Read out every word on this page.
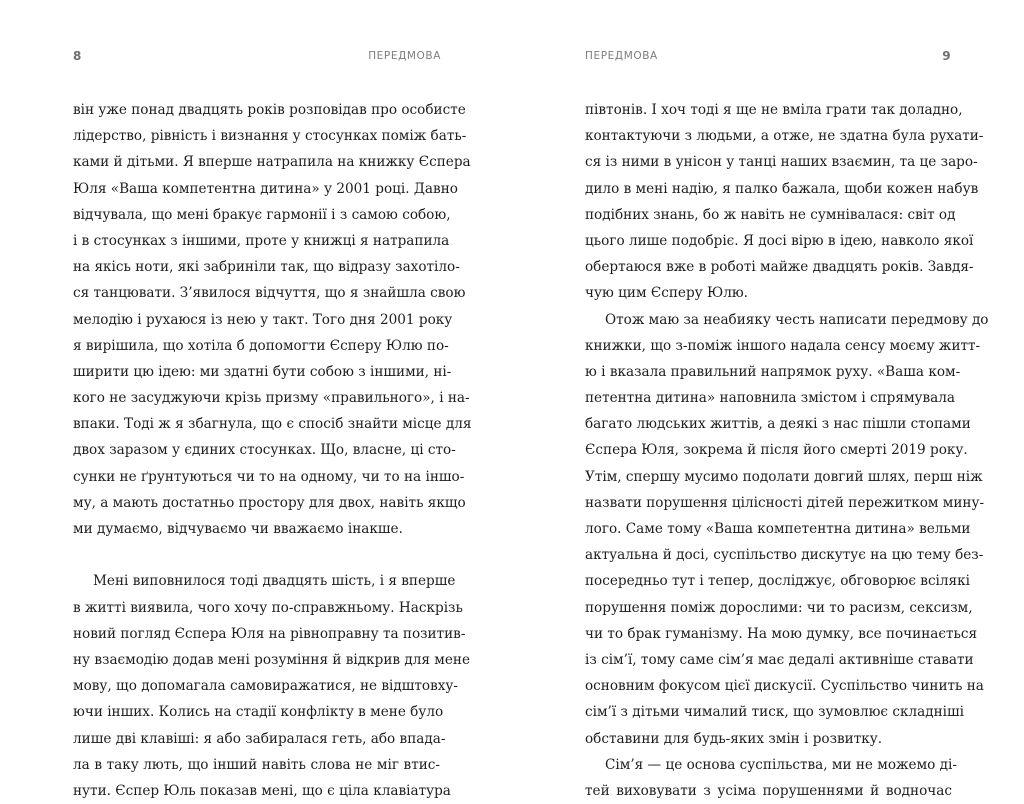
8	ПЕРЕДМОВА
він уже понад двадцять років розповідав про особисте
лідерство, рівність і визнання у стосунках поміж бать-
ками й дітьми. Я вперше натрапила на книжку Єспера
Юля «Ваша компетентна дитина» у 2001 році. Давно
відчувала, що мені бракує гармонії і з самою собою,
і в стосунках з іншими, проте у книжці я натрапила
на якісь ноти, які забриніли так, що відразу захотіло-
ся танцювати. З’явилося відчуття, що я знайшла свою
мелодію і рухаюся із нею у такт. Того дня 2001 року
я вирішила, що хотіла б допомогти Єсперу Юлю по-
ширити цю ідею: ми здатні бути собою з іншими, ні-
кого не засуджуючи крізь призму «правильного», і на-
впаки. Тоді ж я збагнула, що є спосіб знайти місце для
двох заразом у єдиних стосунках. Що, власне, ці сто-
сунки не ґрунтуються чи то на одному, чи то на іншо-
му, а мають достатньо простору для двох, навіть якщо
ми думаємо, відчуваємо чи вважаємо інакше.
Мені виповнилося тоді двадцять шість, і я вперше
в житті виявила, чого хочу по-справжньому. Наскрізь
новий погляд Єспера Юля на рівноправну та позитив-
ну взаємодію додав мені розуміння й відкрив для мене
мову, що допомагала самовиражатися, не відштовху-
ючи інших. Колись на стадії конфлікту в мене було
лише дві клавіші: я або забиралася геть, або впада-
ла в таку лють, що інший навіть слова не міг втис-
нути. Єспер Юль показав мені, що є ціла клавіатура
ПЕРЕДМОВА	9
півтонів. І хоч тоді я ще не вміла грати так доладно,
контактуючи з людьми, а отже, не здатна була рухати-
ся із ними в унісон у танці наших взаємин, та це заро-
дило в мені надію, я палко бажала, щоби кожен набув
подібних знань, бо ж навіть не сумнівалася: світ од
цього лише подобріє. Я досі вірю в ідею, навколо якої
обертаюся вже в роботі майже двадцять років. Завдя-
чую цим Єсперу Юлю.
Отож маю за неабияку честь написати передмову до
книжки, що з-поміж іншого надала сенсу моєму житт-
ю і вказала правильний напрямок руху. «Ваша ком-
петентна дитина» наповнила змістом і спрямувала
багато людських життів, а деякі з нас пішли стопами
Єспера Юля, зокрема й після його смерті 2019 року.
Утім, спершу мусимо подолати довгий шлях, перш ніж
назвати порушення цілісності дітей пережитком мину-
лого. Саме тому «Ваша компетентна дитина» вельми
актуальна й досі, суспільство дискутує на цю тему без-
посередньо тут і тепер, досліджує, обговорює всілякі
порушення поміж дорослими: чи то расизм, сексизм,
чи то брак гуманізму. На мою думку, все починається
із сім’ї, тому саме сім’я має дедалі активніше ставати
основним фокусом цієї дискусії. Суспільство чинить на
сім’ї з дітьми чималий тиск, що зумовлює складніші
обставини для будь-яких змін і розвитку.
Сім’я — це основа суспільства, ми не можемо ді-
тей виховувати з усіма порушеннями й водночас
